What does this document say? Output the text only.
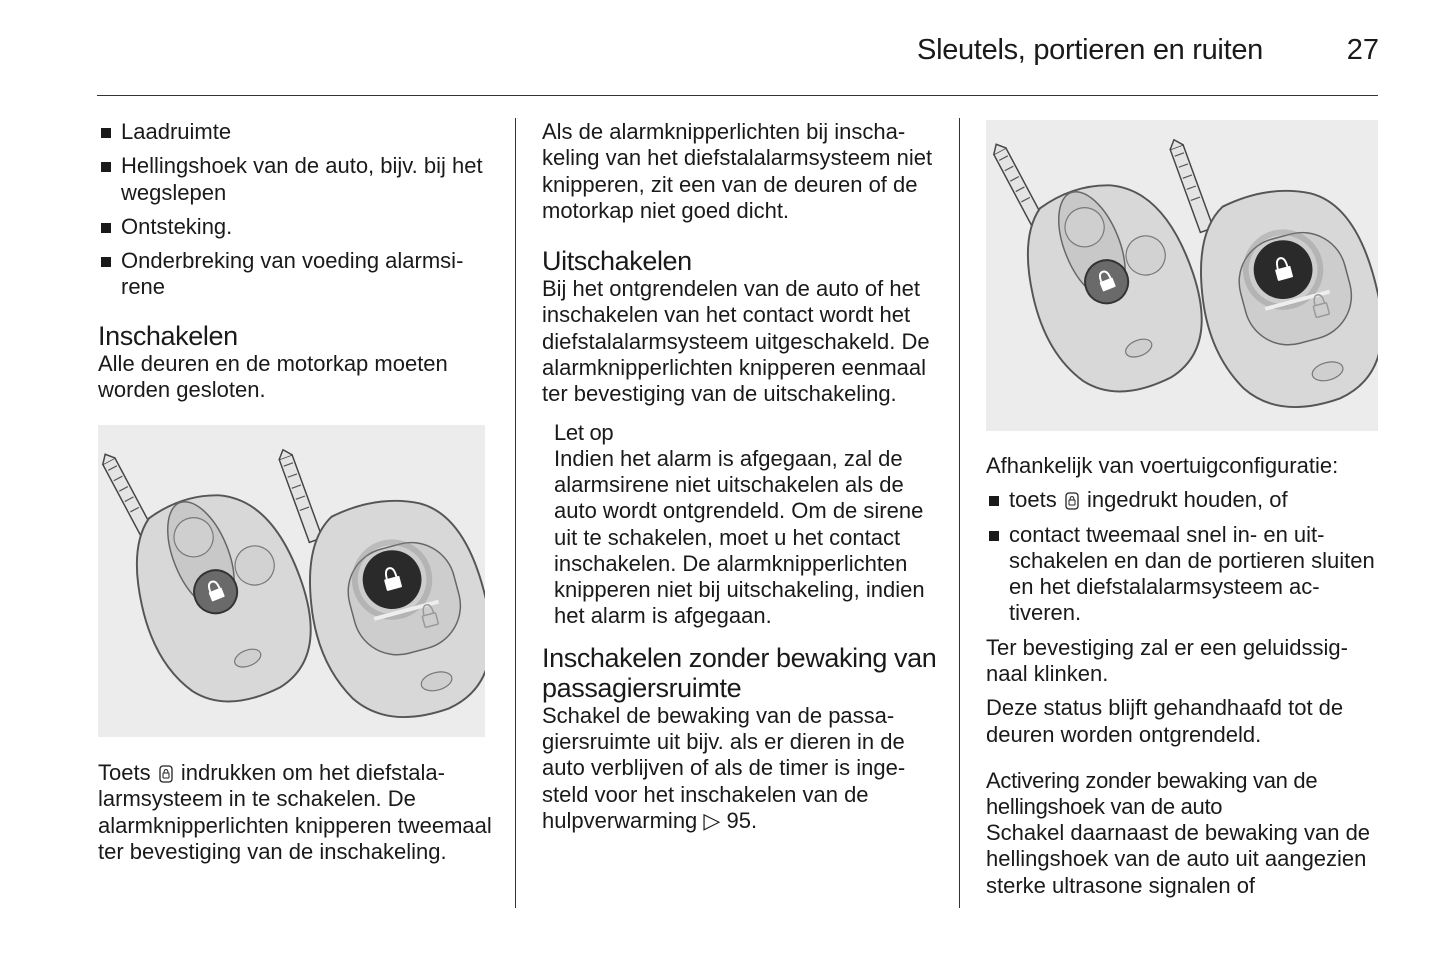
Sleutels, portieren en ruiten	27
Laadruimte
Hellingshoek van de auto, bijv. bij het wegslepen
Ontsteking.
Onderbreking van voeding alarmsirene
Inschakelen

Alle deuren en de motorkap moeten worden gesloten.

Toets indrukken om het diefstalalarmsysteem in te schakelen. De alarmknipperlichten knipperen tweemaal ter bevestiging van de inschakeling.

Als de alarmknipperlichten bij inschakeling van het diefstalalarmsysteem niet knipperen, zit een van de deuren of de motorkap niet goed dicht.

Uitschakelen

Bij het ontgrendelen van de auto of het inschakelen van het contact wordt het diefstalalarmsysteem uitgeschakeld. De alarmknipperlichten knipperen eenmaal ter bevestiging van de uitschakeling.

Let op

Indien het alarm is afgegaan, zal de alarmsirene niet uitschakelen als de auto wordt ontgrendeld. Om de sirene uit te schakelen, moet u het contact inschakelen. De alarmknipperlichten knipperen niet bij uitschakeling, indien het alarm is afgegaan.

Inschakelen zonder bewaking van passagiersruimte

Schakel de bewaking van de passagiersruimte uit bijv. als er dieren in de auto verblijven of als de timer is ingesteld voor het inschakelen van de hulpverwarming ▷ 95.

Afhankelijk van voertuigconfiguratie:

toets ingedrukt houden, of
contact tweemaal snel in- en uitschakelen en dan de portieren sluiten en het diefstalalarmsysteem activeren.

Ter bevestiging zal er een geluidssignaal klinken.

Deze status blijft gehandhaafd tot de deuren worden ontgrendeld.

Activering zonder bewaking van de hellingshoek van de auto

Schakel daarnaast de bewaking van de hellingshoek van de auto uit aangezien sterke ultrasone signalen of
